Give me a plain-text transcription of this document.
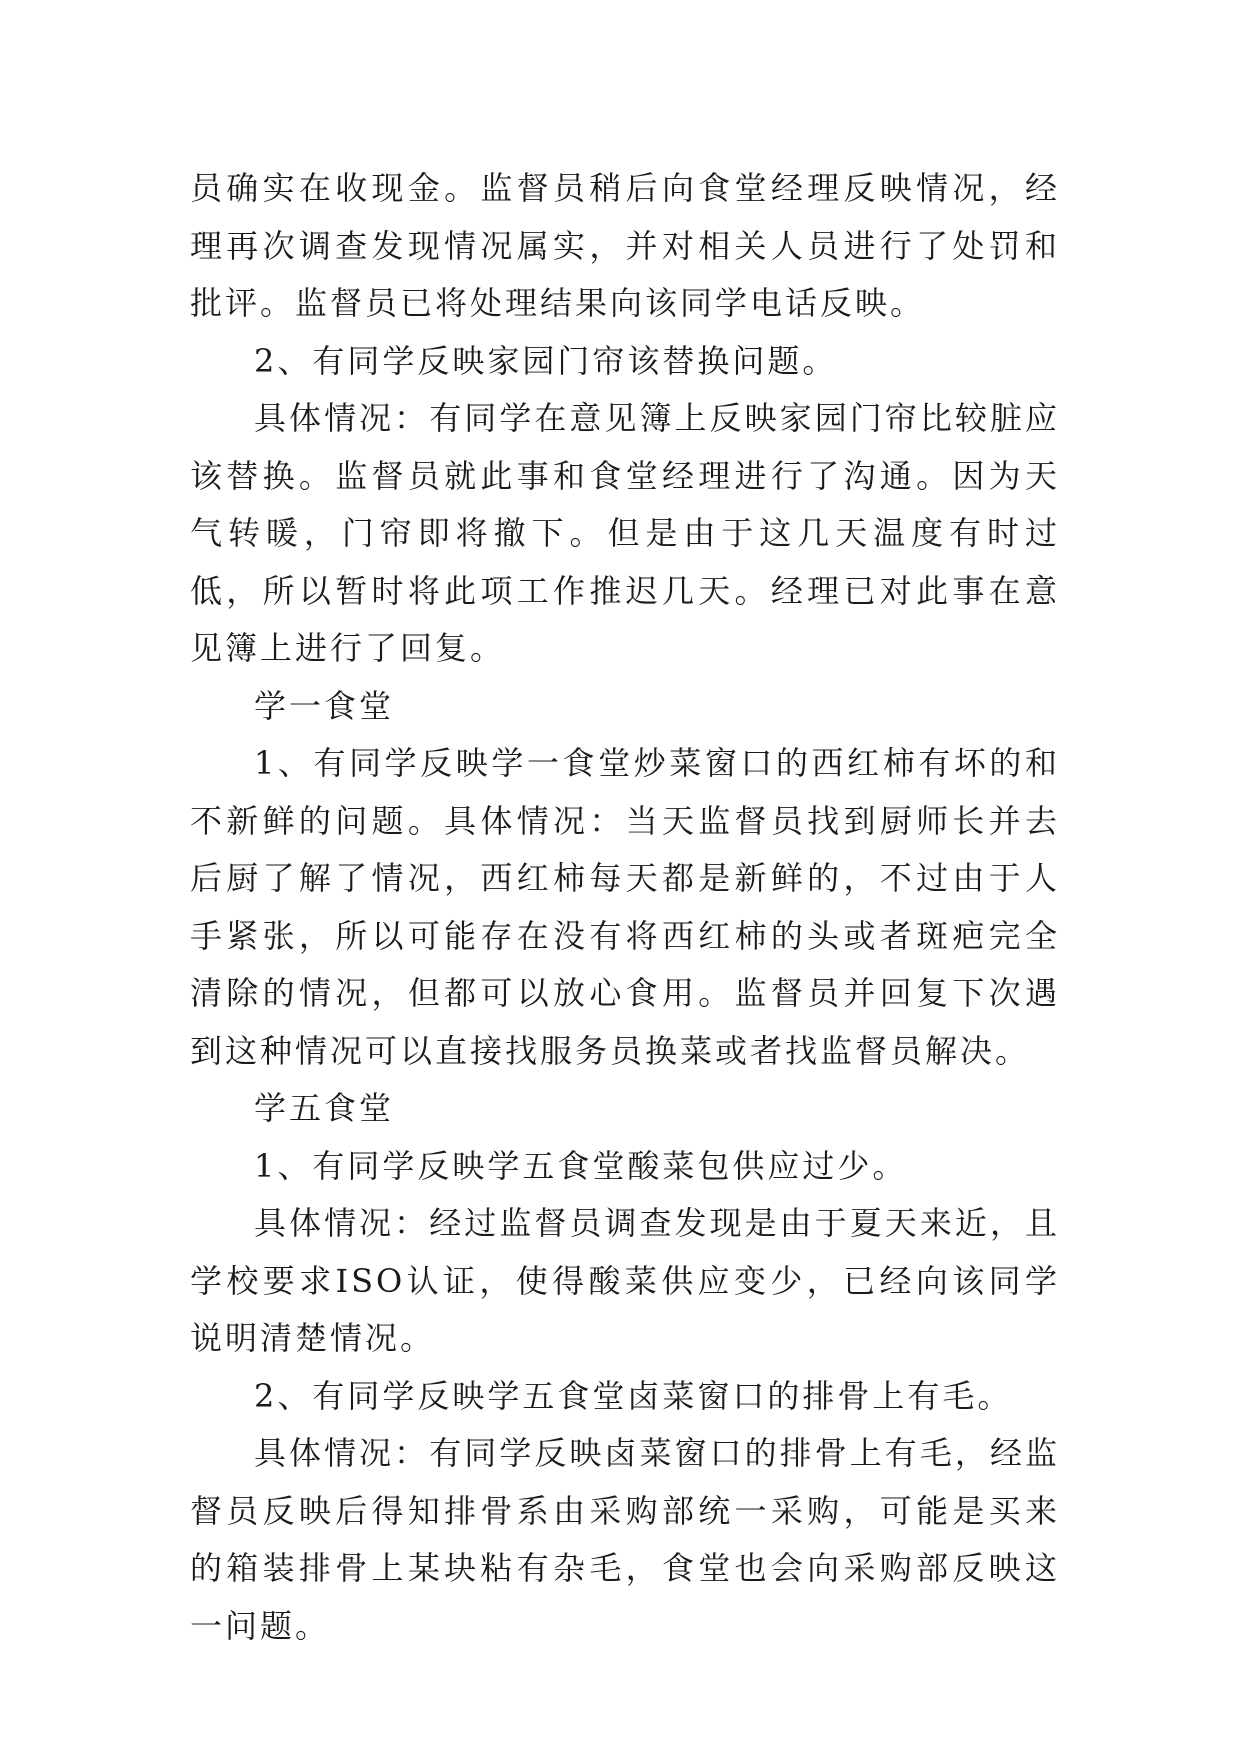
员确实在收现金。监督员稍后向食堂经理反映情况，经理再次调查发现情况属实，并对相关人员进行了处罚和批评。监督员已将处理结果向该同学电话反映。

2、有同学反映家园门帘该替换问题。

具体情况：有同学在意见簿上反映家园门帘比较脏应该替换。监督员就此事和食堂经理进行了沟通。因为天气转暖，门帘即将撤下。但是由于这几天温度有时过低，所以暂时将此项工作推迟几天。经理已对此事在意见簿上进行了回复。

学一食堂

1、有同学反映学一食堂炒菜窗口的西红柿有坏的和不新鲜的问题。具体情况：当天监督员找到厨师长并去后厨了解了情况，西红柿每天都是新鲜的，不过由于人手紧张，所以可能存在没有将西红柿的头或者斑疤完全清除的情况，但都可以放心食用。监督员并回复下次遇到这种情况可以直接找服务员换菜或者找监督员解决。

学五食堂

1、有同学反映学五食堂酸菜包供应过少。

具体情况：经过监督员调查发现是由于夏天来近，且学校要求ISO认证，使得酸菜供应变少，已经向该同学说明清楚情况。

2、有同学反映学五食堂卤菜窗口的排骨上有毛。

具体情况：有同学反映卤菜窗口的排骨上有毛，经监督员反映后得知排骨系由采购部统一采购，可能是买来的箱装排骨上某块粘有杂毛，食堂也会向采购部反映这一问题。
